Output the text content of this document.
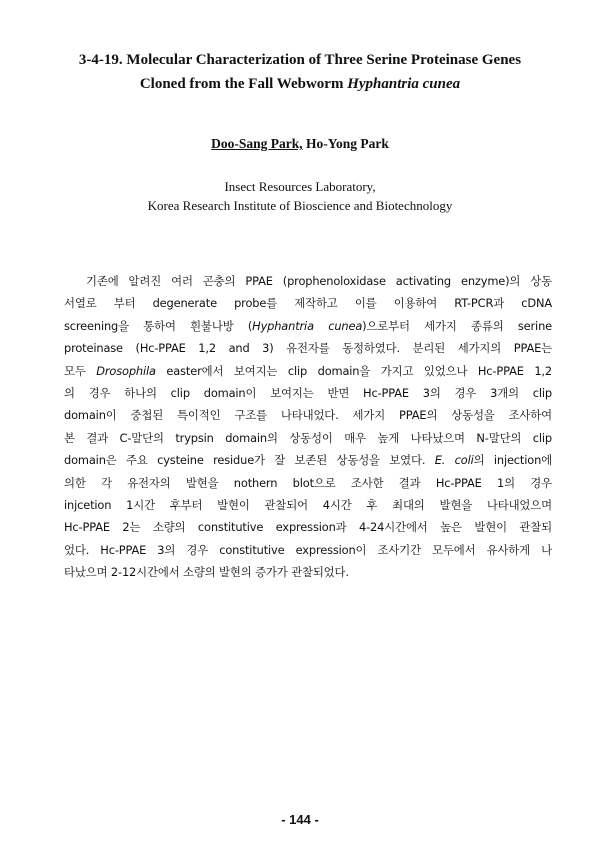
3-4-19. Molecular Characterization of Three Serine Proteinase Genes
Cloned from the Fall Webworm Hyphantria cunea
Doo-Sang Park, Ho-Yong Park
Insect Resources Laboratory,
Korea Research Institute of Bioscience and Biotechnology
기존에 알려진 여러 곤충의 PPAE (prophenoloxidase activating enzyme)의 상동
서열로 부터 degenerate probe를 제작하고 이를 이용하여 RT-PCR과 cDNA
screening을 통하여 흰불나방 (Hyphantria cunea)으로부터 세가지 종류의 serine
proteinase (Hc-PPAE 1,2 and 3) 유전자를 동정하였다. 분리된 세가지의 PPAE는
모두 Drosophila easter에서 보여지는 clip domain을 가지고 있었으나 Hc-PPAE 1,2
의 경우 하나의 clip domain이 보여지는 반면 Hc-PPAE 3의 경우 3개의 clip
domain이 중첩된 특이적인 구조를 나타내었다. 세가지 PPAE의 상동성을 조사하여
본 결과 C-말단의 trypsin domain의 상동성이 매우 높게 나타났으며 N-말단의 clip
domain은 주요 cysteine residue가 잘 보존된 상동성을 보였다. E. coli의 injection에
의한 각 유전자의 발현을 nothern blot으로 조사한 결과 Hc-PPAE 1의 경우
injcetion 1시간 후부터 발현이 관찰되어 4시간 후 최대의 발현을 나타내었으며
Hc-PPAE 2는 소량의 constitutive expression과 4-24시간에서 높은 발현이 관찰되
었다. Hc-PPAE 3의 경우 constitutive expression이 조사기간 모두에서 유사하게 나
타났으며 2-12시간에서 소량의 발현의 증가가 관찰되었다.
- 144 -
